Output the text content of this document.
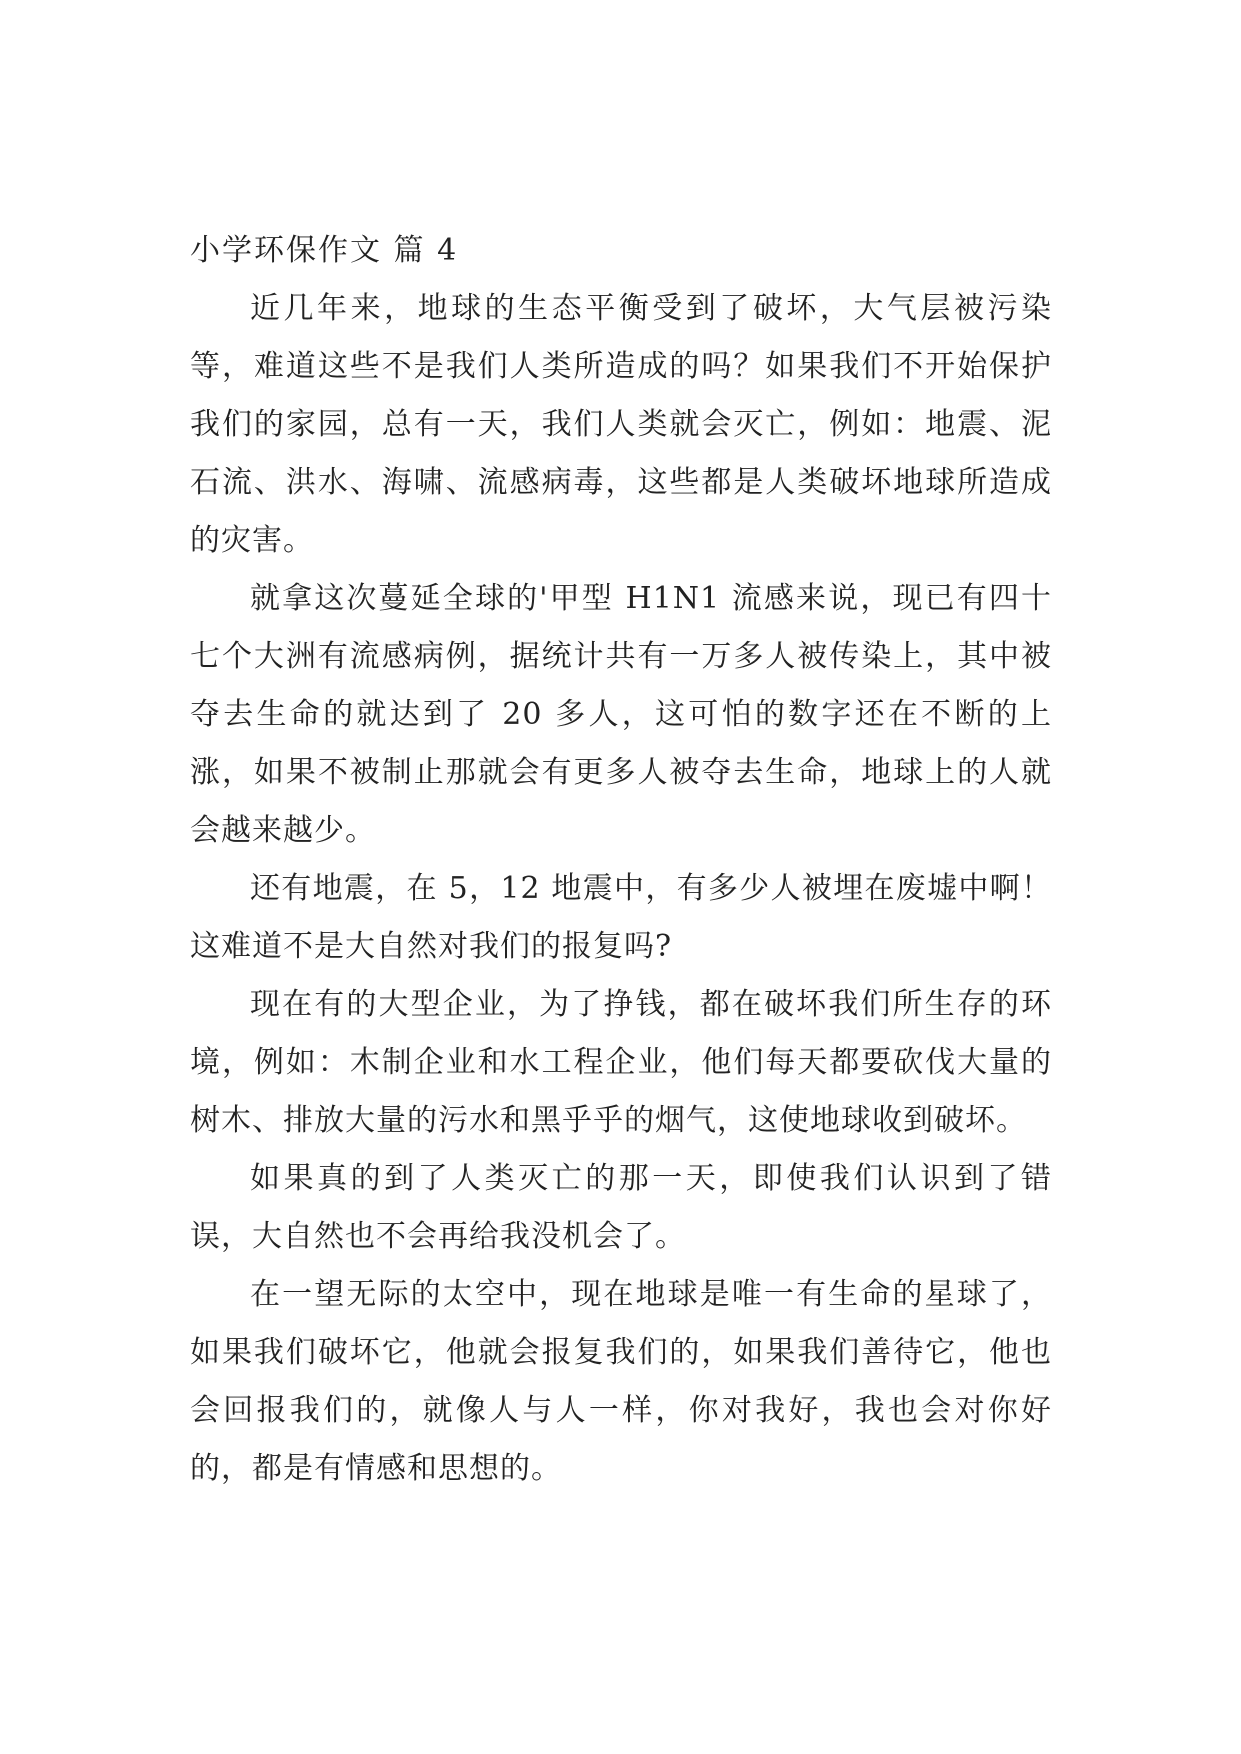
小学环保作文 篇 4

近几年来，地球的生态平衡受到了破坏，大气层被污染等，难道这些不是我们人类所造成的吗？如果我们不开始保护我们的家园，总有一天，我们人类就会灭亡，例如：地震、泥石流、洪水、海啸、流感病毒，这些都是人类破坏地球所造成的灾害。

就拿这次蔓延全球的'甲型 H1N1 流感来说，现已有四十七个大洲有流感病例，据统计共有一万多人被传染上，其中被夺去生命的就达到了 20 多人，这可怕的数字还在不断的上涨，如果不被制止那就会有更多人被夺去生命，地球上的人就会越来越少。

还有地震，在 5，12 地震中，有多少人被埋在废墟中啊！这难道不是大自然对我们的报复吗?

现在有的大型企业，为了挣钱，都在破坏我们所生存的环境，例如：木制企业和水工程企业，他们每天都要砍伐大量的树木、排放大量的污水和黑乎乎的烟气，这使地球收到破坏。

如果真的到了人类灭亡的那一天，即使我们认识到了错误，大自然也不会再给我没机会了。

在一望无际的太空中，现在地球是唯一有生命的星球了，如果我们破坏它，他就会报复我们的，如果我们善待它，他也会回报我们的，就像人与人一样，你对我好，我也会对你好的，都是有情感和思想的。
